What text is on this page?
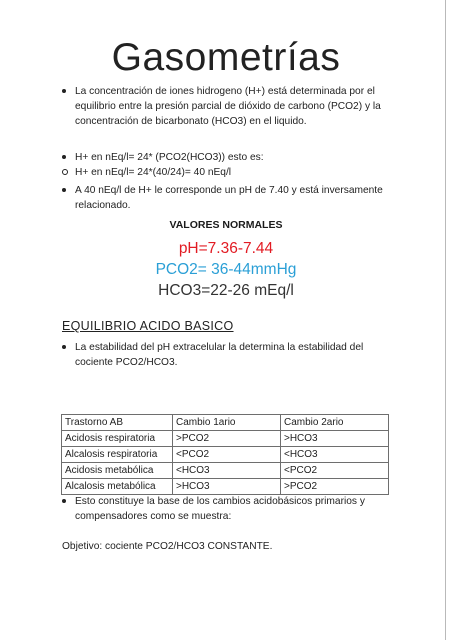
Gasometrías
La concentración de iones hidrogeno (H+) está determinada por el equilibrio entre la presión parcial de dióxido de carbono (PCO2) y la concentración de bicarbonato (HCO3) en el liquido.
H+ en nEq/l= 24* (PCO2(HCO3)) esto es:
H+ en nEq/l= 24*(40/24)= 40 nEq/l
A 40 nEq/l de H+ le corresponde un pH de 7.40 y está inversamente relacionado.
VALORES NORMALES
pH=7.36-7.44
PCO2= 36-44mmHg
HCO3=22-26 mEq/l
EQUILIBRIO ACIDO BASICO
La estabilidad del pH extracelular la determina la estabilidad del cociente PCO2/HCO3.
Trastorno AB	Cambio 1ario	Cambio 2ario
Acidosis respiratoria	>PCO2	>HCO3
Alcalosis respiratoria	<PCO2	<HCO3
Acidosis metabólica	<HCO3	<PCO2
Alcalosis metabólica	>HCO3	>PCO2
Esto constituye la base de los cambios acidobásicos primarios y compensadores como se muestra:
Objetivo: cociente PCO2/HCO3 CONSTANTE.
